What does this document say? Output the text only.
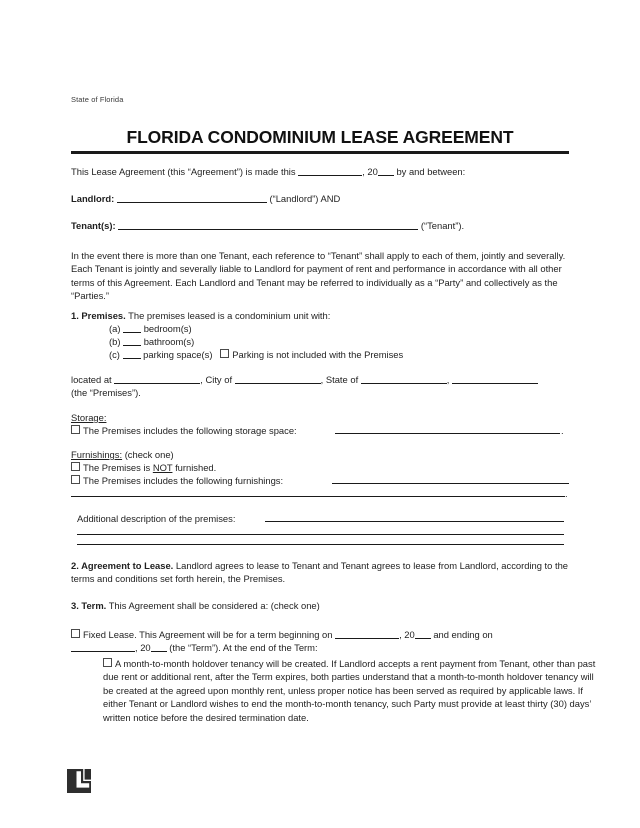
State of Florida
FLORIDA CONDOMINIUM LEASE AGREEMENT
This Lease Agreement (this “Agreement”) is made this	, 20 by and between:
Landlord:	(“Landlord”) AND
Tenant(s):	(“Tenant”).
In the event there is more than one Tenant, each reference to “Tenant” shall apply to each of them, jointly and severally. Each Tenant is jointly and severally liable to Landlord for payment of rent and performance in accordance with all other terms of this Agreement. Each Landlord and Tenant may be referred to individually as a “Party” and collectively as the “Parties.”
1. Premises. The premises leased is a condominium unit with:
(a) bedroom(s)
(b) bathroom(s)
(c) parking space(s) Parking is not included with the Premises
located at	, City of	, State of	,
(the “Premises”).
Storage:
The Premises includes the following storage space:	.
Furnishings: (check one)
The Premises is NOT furnished.
The Premises includes the following furnishings:
.
Additional description of the premises:
2. Agreement to Lease. Landlord agrees to lease to Tenant and Tenant agrees to lease from Landlord, according to the terms and conditions set forth herein, the Premises.
3. Term. This Agreement shall be considered a: (check one)
Fixed Lease. This Agreement will be for a term beginning on	, 20 and ending on
, 20 (the “Term”). At the end of the Term:
A month-to-month holdover tenancy will be created. If Landlord accepts a rent payment from Tenant, other than past due rent or additional rent, after the Term expires, both parties understand that a month-to-month holdover tenancy will be created at the agreed upon monthly rent, unless proper notice has been served as required by applicable laws. If either Tenant or Landlord wishes to end the month-to-month tenancy, such Party must provide at least thirty (30) days’ written notice before the desired termination date.
